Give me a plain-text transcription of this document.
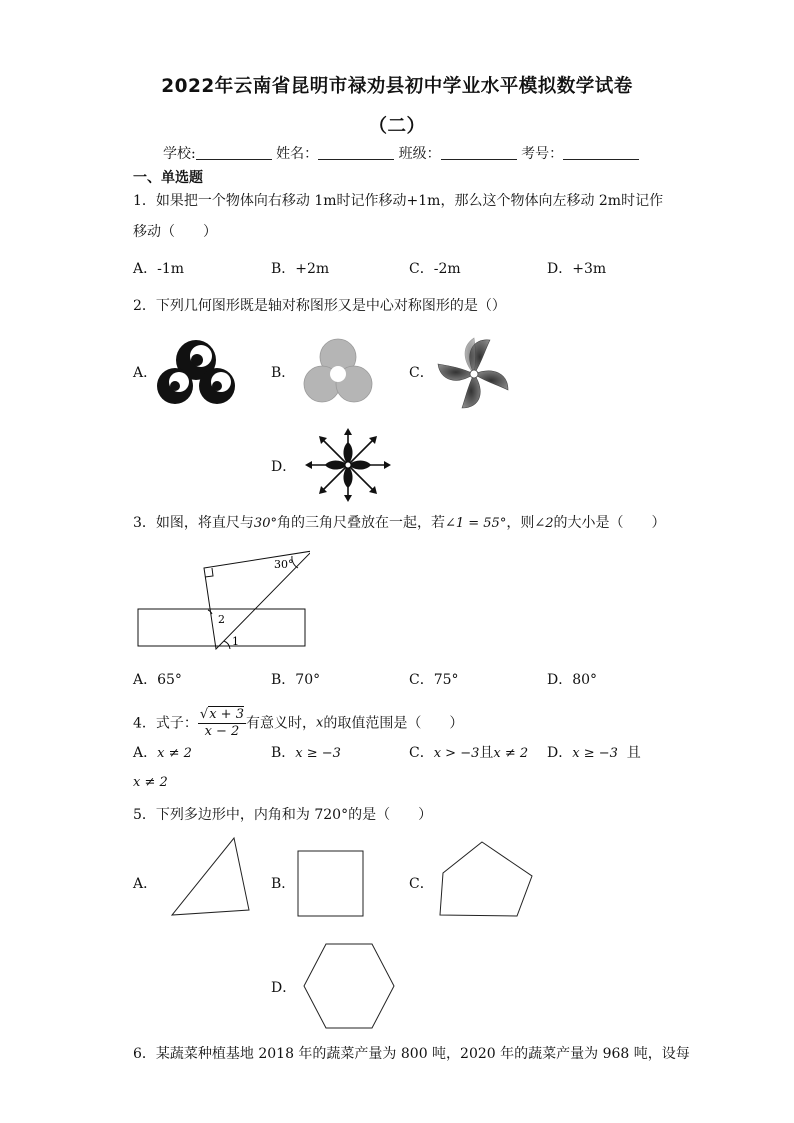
2022年云南省昆明市禄劝县初中学业水平模拟数学试卷
（二）
学校:	姓名：	班级：	考号：
一、单选题
1．如果把一个物体向右移动 1m时记作移动+1m，那么这个物体向左移动 2m时记作
移动（　　）
A．-1m	B．+2m	C．-2m	D．+3m
2．下列几何图形既是轴对称图形又是中心对称图形的是（）
A．	B．	C．
D．
3．如图，将直尺与30°角的三角尺叠放在一起，若∠1 = 55°，则∠2的大小是（　　）
30°
2
1
A．65°	B．70°	C．75°	D．80°
4．式子： $\frac{√x + 3}{x - 2}$ 有意义时，x的取值范围是（　　）
A．x ≠ 2	B．x ≥ −3	C．x > −3且x ≠ 2 D．x ≥ −3 且
x ≠ 2
5．下列多边形中，内角和为 720°的是（　　）
A．	B．	C．
D．
6．某蔬菜种植基地 2018 年的蔬菜产量为 800 吨，2020 年的蔬菜产量为 968 吨，设每
